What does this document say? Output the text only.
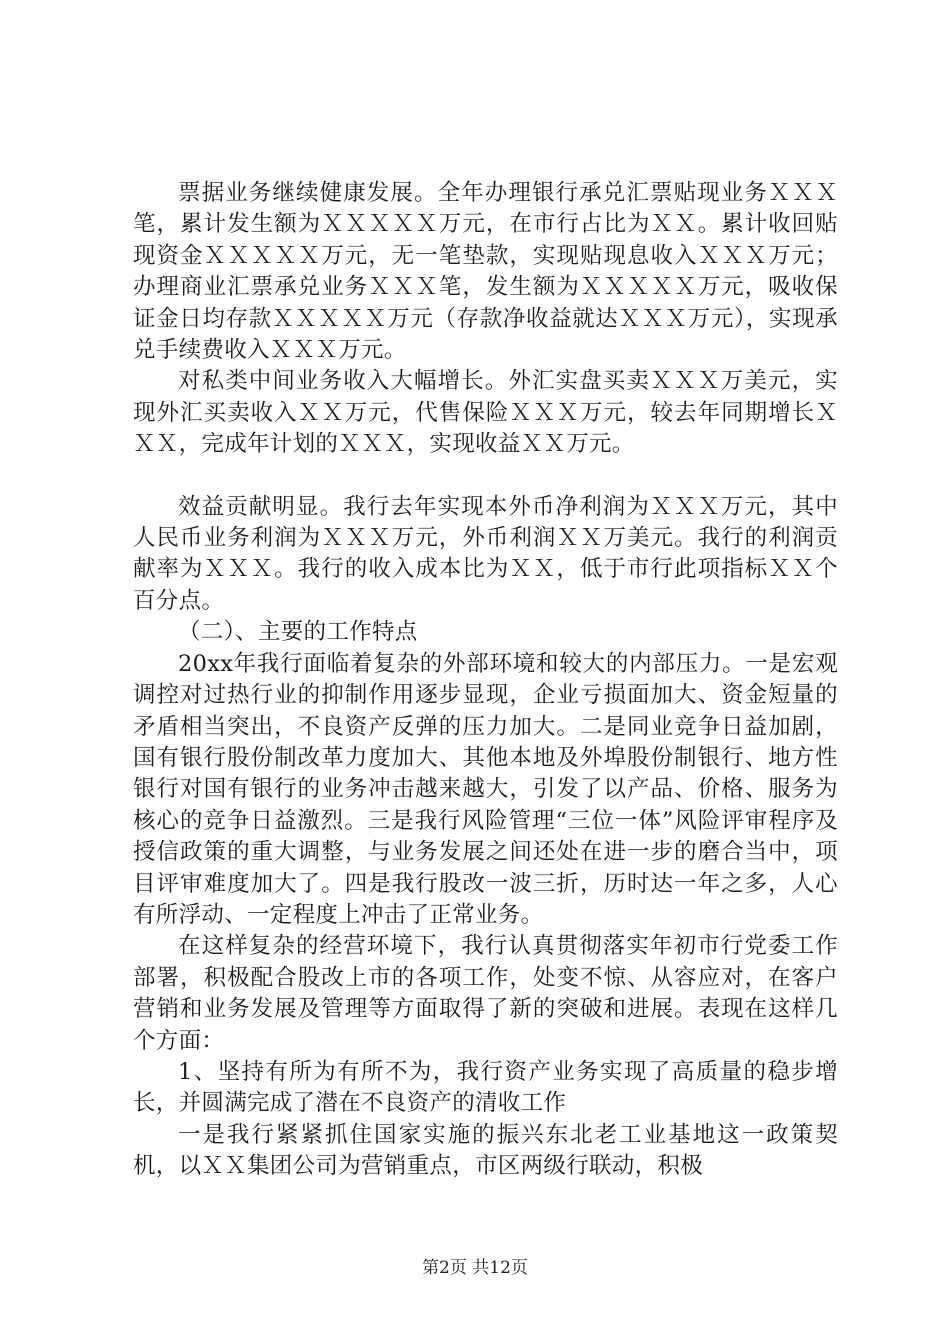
票据业务继续健康发展。全年办理银行承兑汇票贴现业务ＸＸＸ笔，累计发生额为ＸＸＸＸＸ万元，在市行占比为ＸＸ。累计收回贴现资金ＸＸＸＸＸ万元，无一笔垫款，实现贴现息收入ＸＸＸ万元；办理商业汇票承兑业务ＸＸＸ笔，发生额为ＸＸＸＸＸ万元，吸收保证金日均存款ＸＸＸＸＸ万元（存款净收益就达ＸＸＸ万元），实现承兑手续费收入ＸＸＸ万元。

对私类中间业务收入大幅增长。外汇实盘买卖ＸＸＸ万美元，实现外汇买卖收入ＸＸ万元，代售保险ＸＸＸ万元，较去年同期增长ＸＸＸ，完成年计划的ＸＸＸ，实现收益ＸＸ万元。

效益贡献明显。我行去年实现本外币净利润为ＸＸＸ万元，其中人民币业务利润为ＸＸＸ万元，外币利润ＸＸ万美元。我行的利润贡献率为ＸＸＸ。我行的收入成本比为ＸＸ，低于市行此项指标ＸＸ个百分点。

（二）、主要的工作特点

20xx年我行面临着复杂的外部环境和较大的内部压力。一是宏观调控对过热行业的抑制作用逐步显现，企业亏损面加大、资金短量的矛盾相当突出，不良资产反弹的压力加大。二是同业竞争日益加剧，国有银行股份制改革力度加大、其他本地及外埠股份制银行、地方性银行对国有银行的业务冲击越来越大，引发了以产品、价格、服务为核心的竞争日益激烈。三是我行风险管理“三位一体”风险评审程序及授信政策的重大调整，与业务发展之间还处在进一步的磨合当中，项目评审难度加大了。四是我行股改一波三折，历时达一年之多，人心有所浮动、一定程度上冲击了正常业务。

在这样复杂的经营环境下，我行认真贯彻落实年初市行党委工作部署，积极配合股改上市的各项工作，处变不惊、从容应对，在客户营销和业务发展及管理等方面取得了新的突破和进展。表现在这样几个方面：

1、坚持有所为有所不为，我行资产业务实现了高质量的稳步增长，并圆满完成了潜在不良资产的清收工作

一是我行紧紧抓住国家实施的振兴东北老工业基地这一政策契机，以ＸＸ集团公司为营销重点，市区两级行联动，积极

第2页 共12页
